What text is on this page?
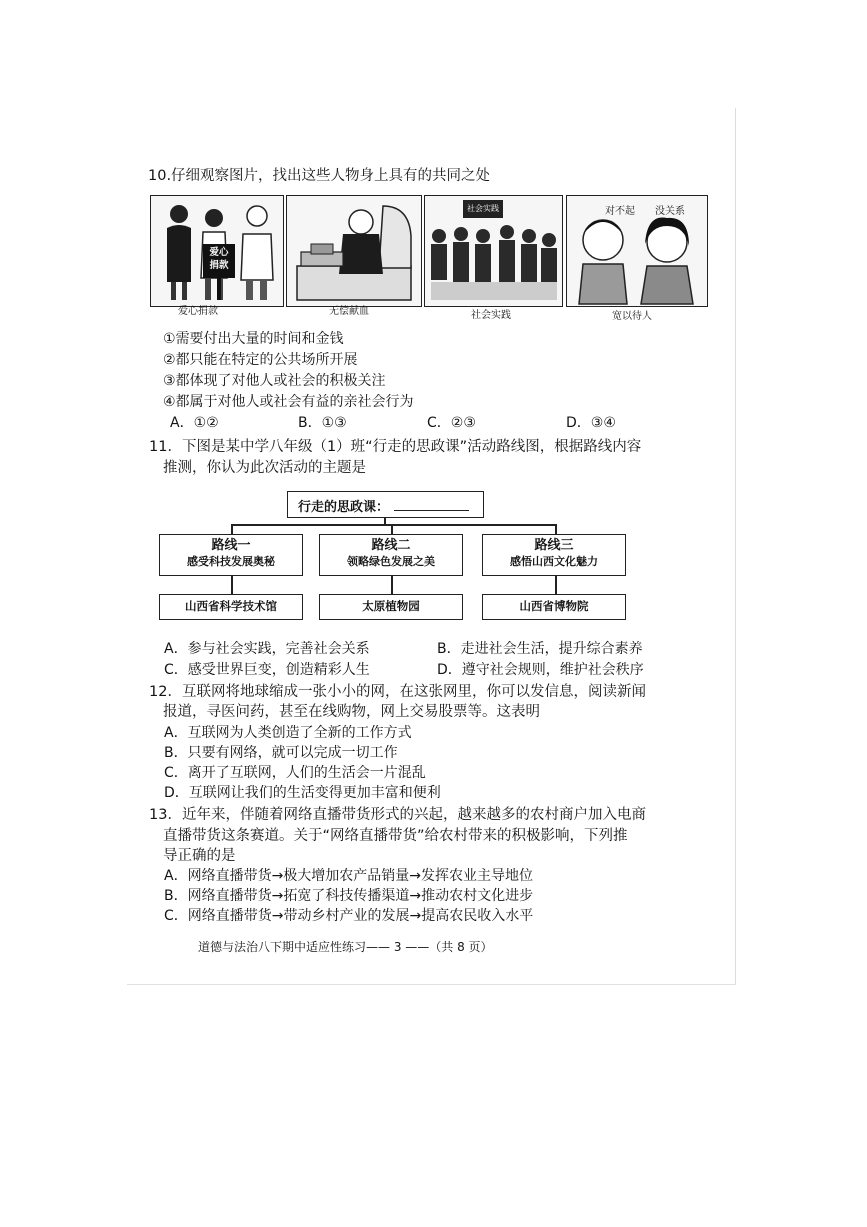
10.仔细观察图片，找出这些人物身上具有的共同之处
爱心捐款
爱心捐款	无偿献血
社会实践
社会实践
对不起 没关系
宽以待人
①需要付出大量的时间和金钱
②都只能在特定的公共场所开展
③都体现了对他人或社会的积极关注
④都属于对他人或社会有益的亲社会行为
A．①②	B．①③	C．②③	D．③④
11．下图是某中学八年级（1）班“行走的思政课”活动路线图，根据路线内容
推测，你认为此次活动的主题是
行走的思政课：
路线一
感受科技发展奥秘
路线二
领略绿色发展之美
路线三
感悟山西文化魅力
山西省科学技术馆	太原植物园	山西省博物院
A．参与社会实践，完善社会关系	B．走进社会生活，提升综合素养
C．感受世界巨变，创造精彩人生	D．遵守社会规则，维护社会秩序
12．互联网将地球缩成一张小小的网，在这张网里，你可以发信息，阅读新闻
报道，寻医问药，甚至在线购物，网上交易股票等。这表明
A．互联网为人类创造了全新的工作方式
B．只要有网络，就可以完成一切工作
C．离开了互联网，人们的生活会一片混乱
D．互联网让我们的生活变得更加丰富和便利
13．近年来，伴随着网络直播带货形式的兴起，越来越多的农村商户加入电商
直播带货这条赛道。关于“网络直播带货”给农村带来的积极影响，下列推
导正确的是
A．网络直播带货→极大增加农产品销量→发挥农业主导地位
B．网络直播带货→拓宽了科技传播渠道→推动农村文化进步
C．网络直播带货→带动乡村产业的发展→提高农民收入水平
道德与法治八下期中适应性练习—— 3 ——（共 8 页）
